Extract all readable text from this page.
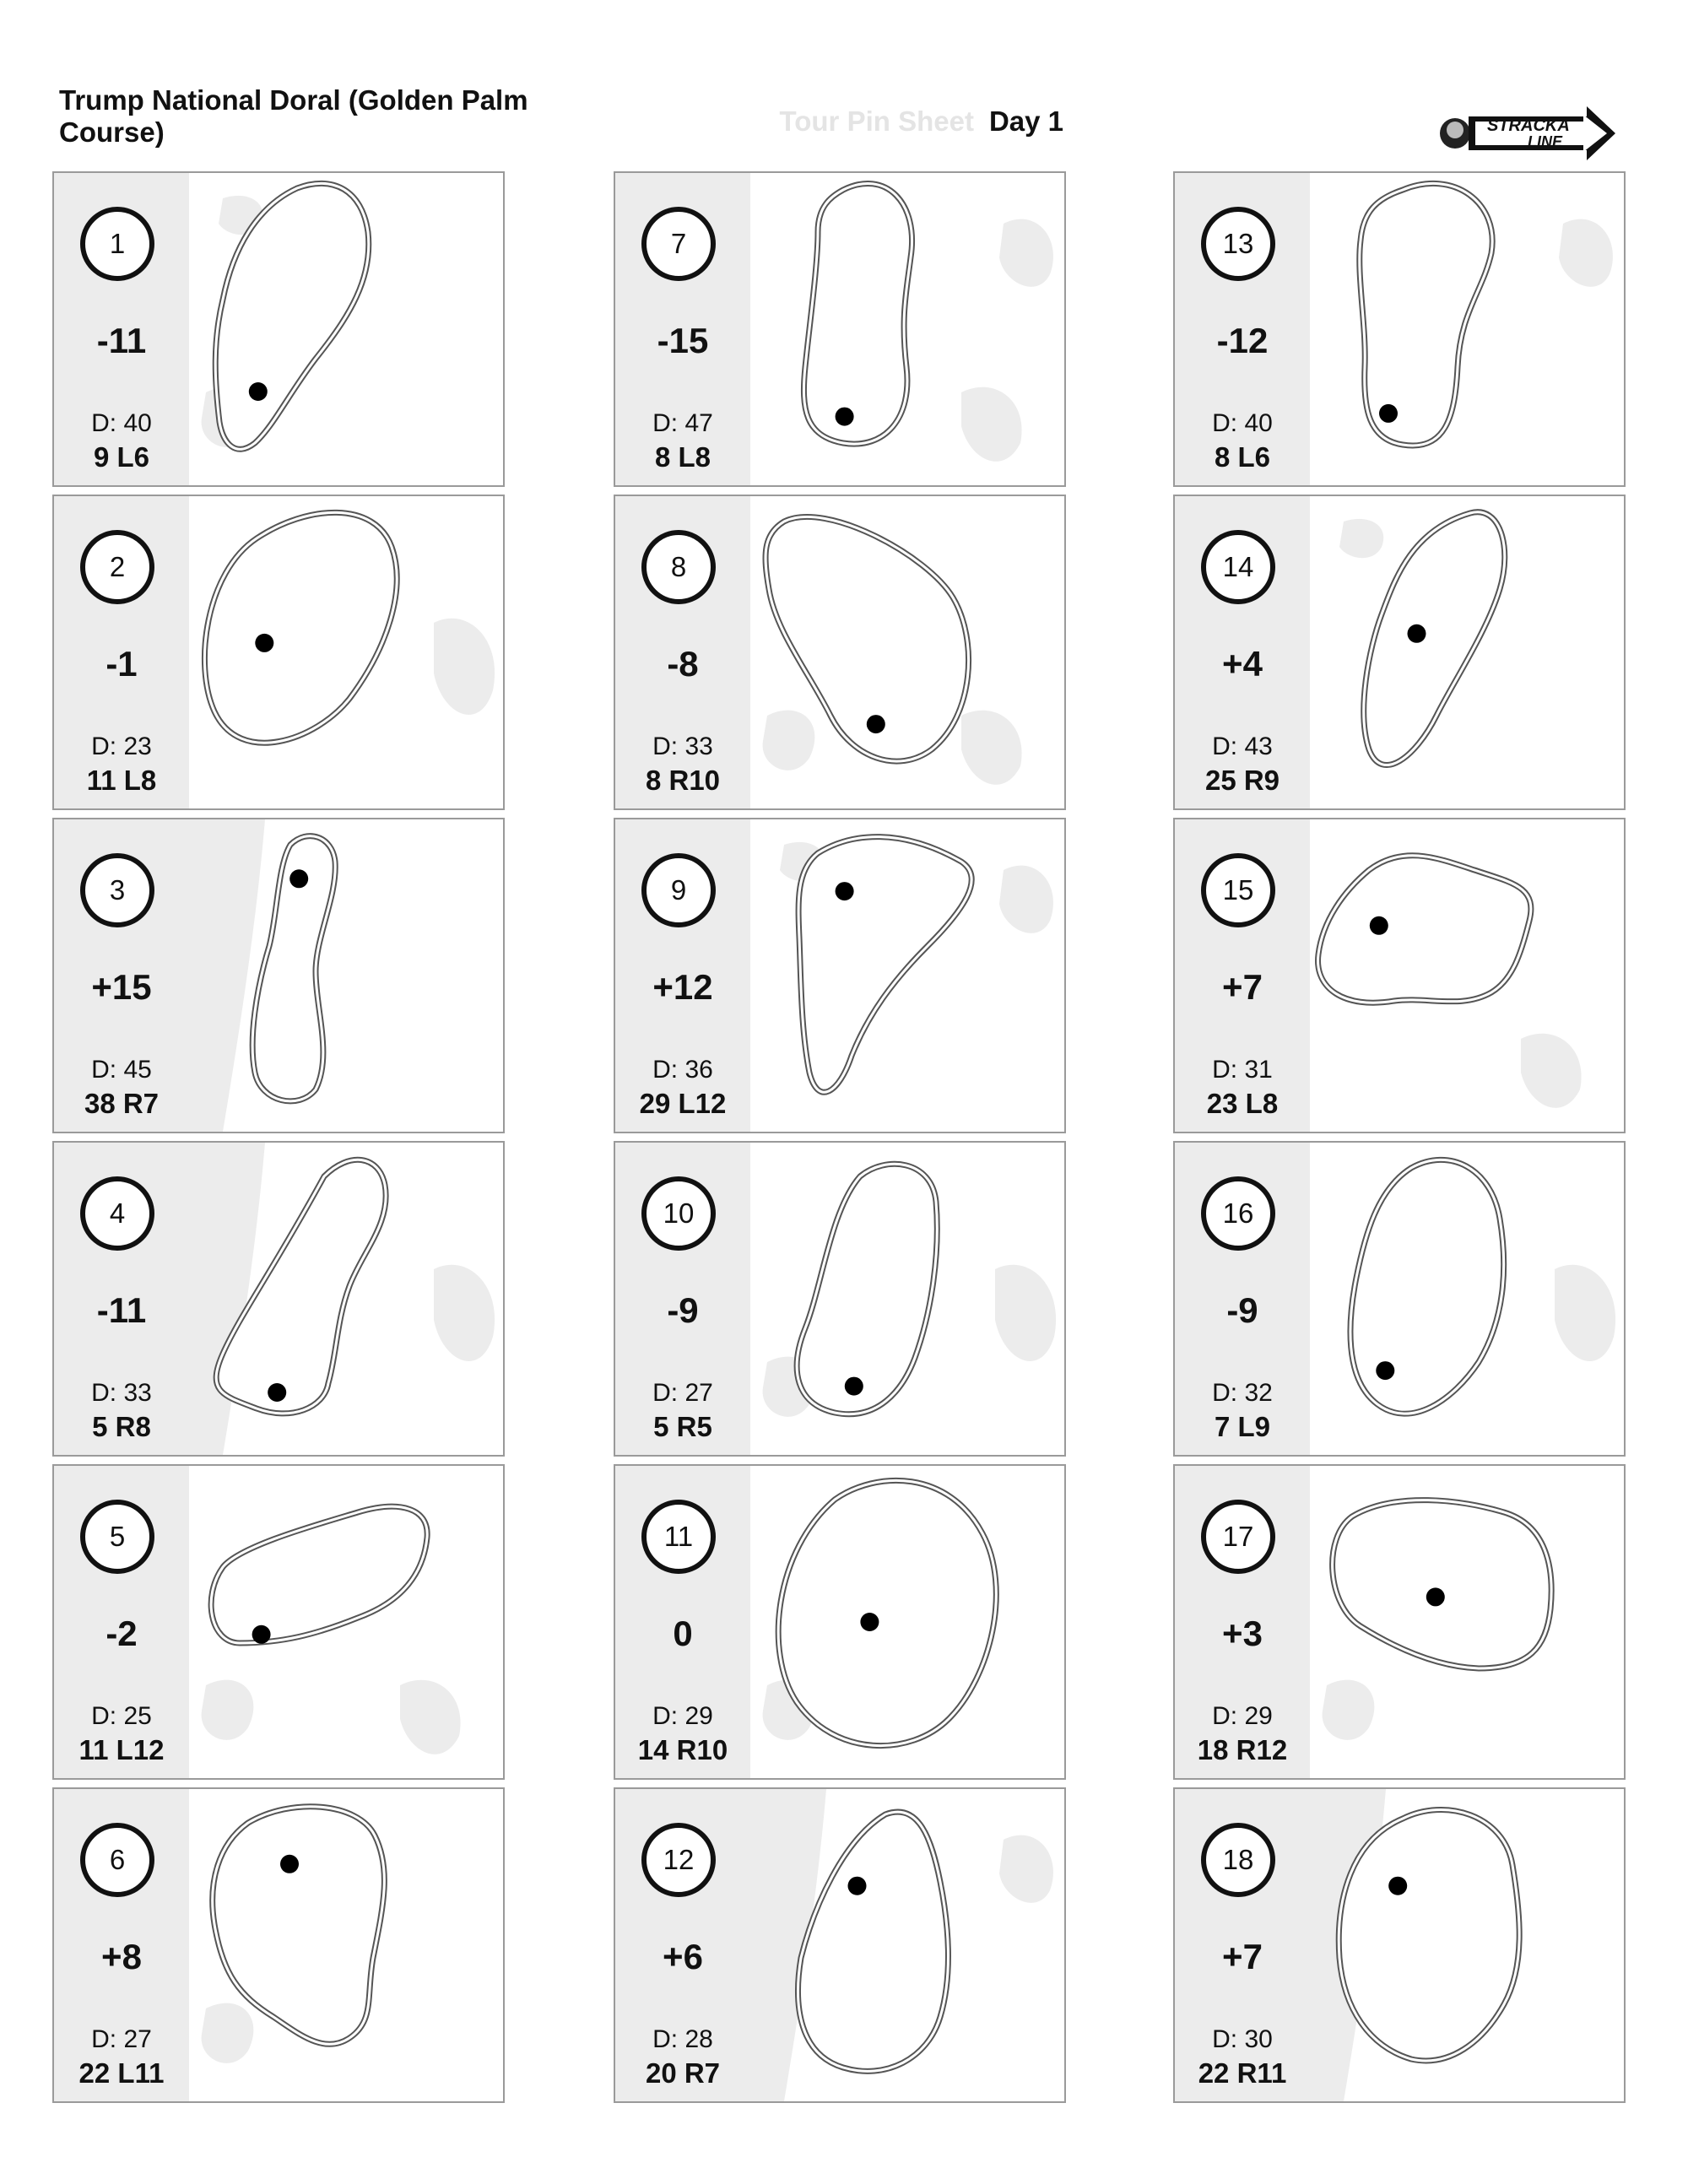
Trump National Doral (Golden Palm Course)	Tour Pin Sheet Day 1	STRACKA
LINE
1
-11
D: 40
9 L6
2
-1
D: 23
11 L8
3
+15
D: 45
38 R7
4
-11
D: 33
5 R8
5
-2
D: 25
11 L12
6
+8
D: 27
22 L11
7
-15
D: 47
8 L8
8
-8
D: 33
8 R10
9
+12
D: 36
29 L12
10
-9
D: 27
5 R5
11
0
D: 29
14 R10
12
+6
D: 28
20 R7
13
-12
D: 40
8 L6
14
+4
D: 43
25 R9
15
+7
D: 31
23 L8
16
-9
D: 32
7 L9
17
+3
D: 29
18 R12
18
+7
D: 30
22 R11
